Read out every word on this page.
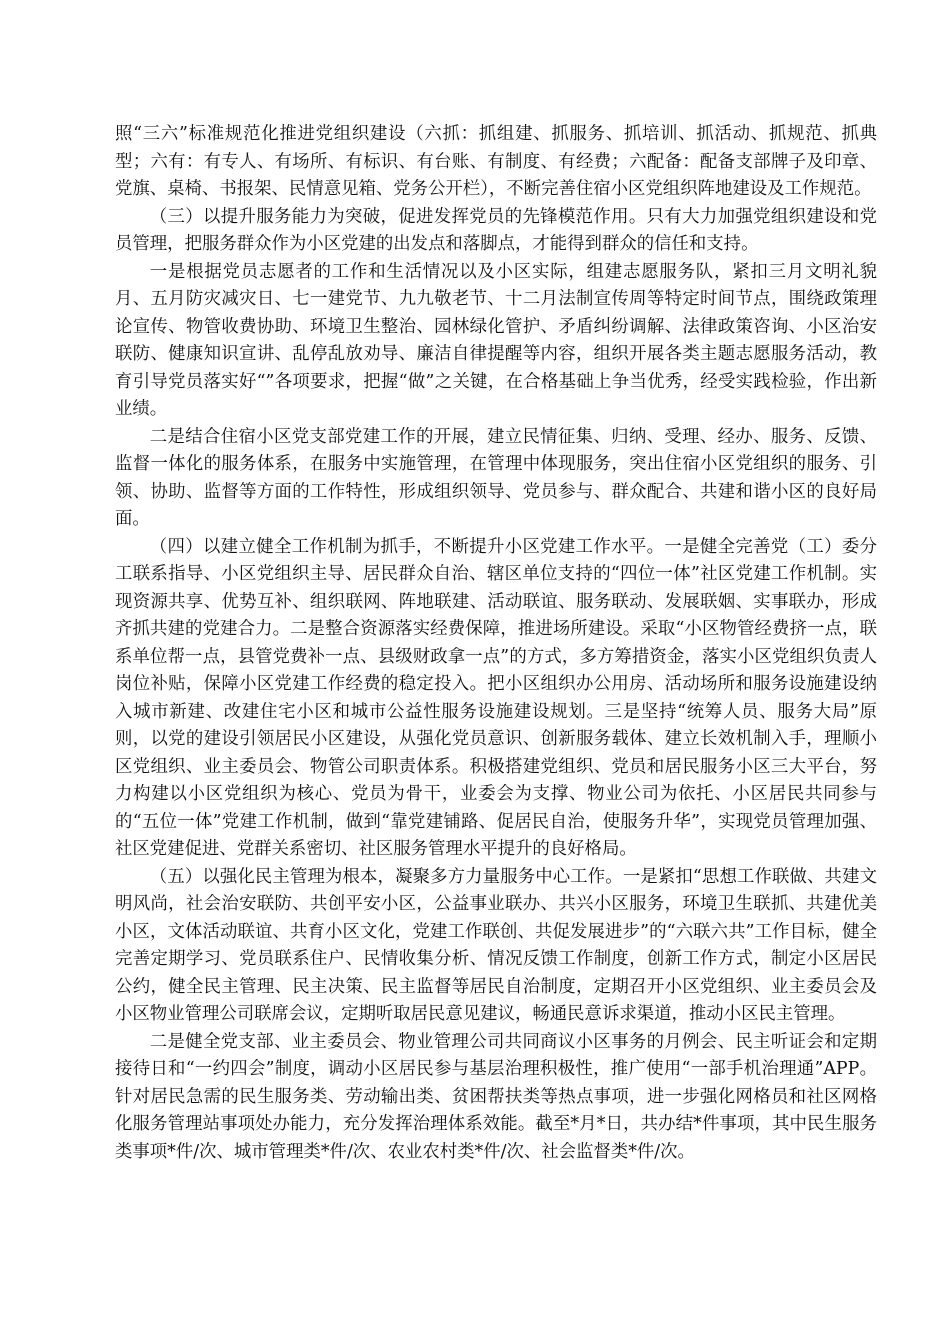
照“三六”标准规范化推进党组织建设（六抓：抓组建、抓服务、抓培训、抓活动、抓规范、抓典型；六有：有专人、有场所、有标识、有台账、有制度、有经费；六配备：配备支部牌子及印章、党旗、桌椅、书报架、民情意见箱、党务公开栏），不断完善住宿小区党组织阵地建设及工作规范。

（三）以提升服务能力为突破，促进发挥党员的先锋模范作用。只有大力加强党组织建设和党员管理，把服务群众作为小区党建的出发点和落脚点，才能得到群众的信任和支持。

一是根据党员志愿者的工作和生活情况以及小区实际，组建志愿服务队，紧扣三月文明礼貌月、五月防灾减灾日、七一建党节、九九敬老节、十二月法制宣传周等特定时间节点，围绕政策理论宣传、物管收费协助、环境卫生整治、园林绿化管护、矛盾纠纷调解、法律政策咨询、小区治安联防、健康知识宣讲、乱停乱放劝导、廉洁自律提醒等内容，组织开展各类主题志愿服务活动，教育引导党员落实好“”各项要求，把握“做”之关键，在合格基础上争当优秀，经受实践检验，作出新业绩。

二是结合住宿小区党支部党建工作的开展，建立民情征集、归纳、受理、经办、服务、反馈、监督一体化的服务体系，在服务中实施管理，在管理中体现服务，突出住宿小区党组织的服务、引领、协助、监督等方面的工作特性，形成组织领导、党员参与、群众配合、共建和谐小区的良好局面。

（四）以建立健全工作机制为抓手，不断提升小区党建工作水平。一是健全完善党（工）委分工联系指导、小区党组织主导、居民群众自治、辖区单位支持的“四位一体”社区党建工作机制。实现资源共享、优势互补、组织联网、阵地联建、活动联谊、服务联动、发展联姻、实事联办，形成齐抓共建的党建合力。二是整合资源落实经费保障，推进场所建设。采取“小区物管经费挤一点，联系单位帮一点，县管党费补一点、县级财政拿一点”的方式，多方筹措资金，落实小区党组织负责人岗位补贴，保障小区党建工作经费的稳定投入。把小区组织办公用房、活动场所和服务设施建设纳入城市新建、改建住宅小区和城市公益性服务设施建设规划。三是坚持“统筹人员、服务大局”原则，以党的建设引领居民小区建设，从强化党员意识、创新服务载体、建立长效机制入手，理顺小区党组织、业主委员会、物管公司职责体系。积极搭建党组织、党员和居民服务小区三大平台，努力构建以小区党组织为核心、党员为骨干，业委会为支撑、物业公司为依托、小区居民共同参与的“五位一体”党建工作机制，做到“靠党建铺路、促居民自治，使服务升华”，实现党员管理加强、社区党建促进、党群关系密切、社区服务管理水平提升的良好格局。

（五）以强化民主管理为根本，凝聚多方力量服务中心工作。一是紧扣“思想工作联做、共建文明风尚，社会治安联防、共创平安小区，公益事业联办、共兴小区服务，环境卫生联抓、共建优美小区，文体活动联谊、共育小区文化，党建工作联创、共促发展进步”的“六联六共”工作目标，健全完善定期学习、党员联系住户、民情收集分析、情况反馈工作制度，创新工作方式，制定小区居民公约，健全民主管理、民主决策、民主监督等居民自治制度，定期召开小区党组织、业主委员会及小区物业管理公司联席会议，定期听取居民意见建议，畅通民意诉求渠道，推动小区民主管理。

二是健全党支部、业主委员会、物业管理公司共同商议小区事务的月例会、民主听证会和定期接待日和“一约四会”制度，调动小区居民参与基层治理积极性，推广使用“一部手机治理通”APP。针对居民急需的民生服务类、劳动输出类、贫困帮扶类等热点事项，进一步强化网格员和社区网格化服务管理站事项处办能力，充分发挥治理体系效能。截至*月*日，共办结*件事项，其中民生服务类事项*件/次、城市管理类*件/次、农业农村类*件/次、社会监督类*件/次。
